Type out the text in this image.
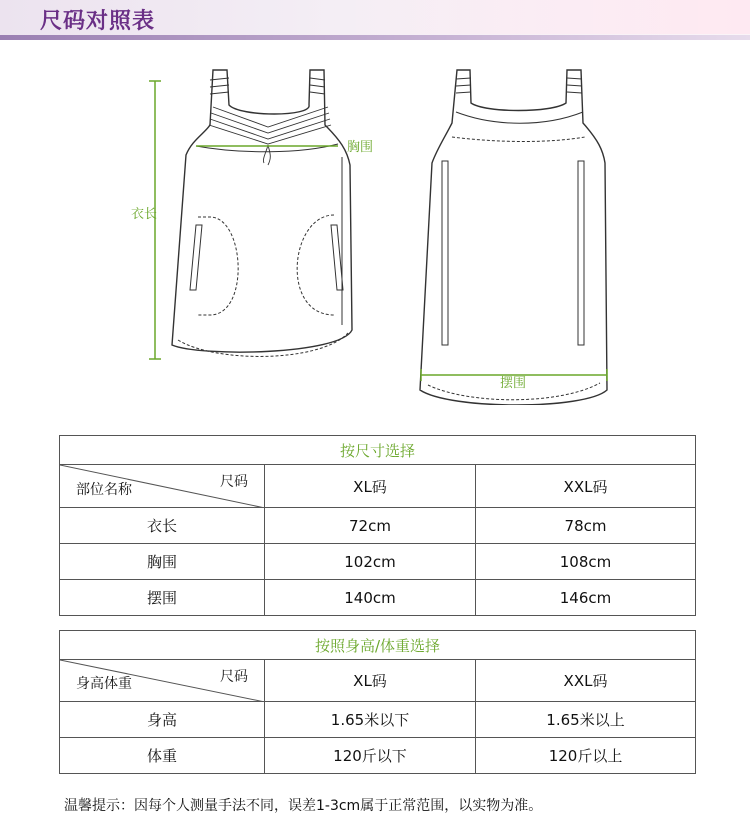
尺码对照表
衣长
胸围
摆围
按尺寸选择		

尺码
部位名称	XL码	XXL码
衣长	72cm	78cm
胸围	102cm	108cm
摆围	140cm	146cm
按照身高/体重选择		

尺码
身高体重	XL码	XXL码
身高	1.65米以下	1.65米以上
体重	120斤以下	120斤以上
温馨提示：因每个人测量手法不同，误差1-3cm属于正常范围，以实物为准。
